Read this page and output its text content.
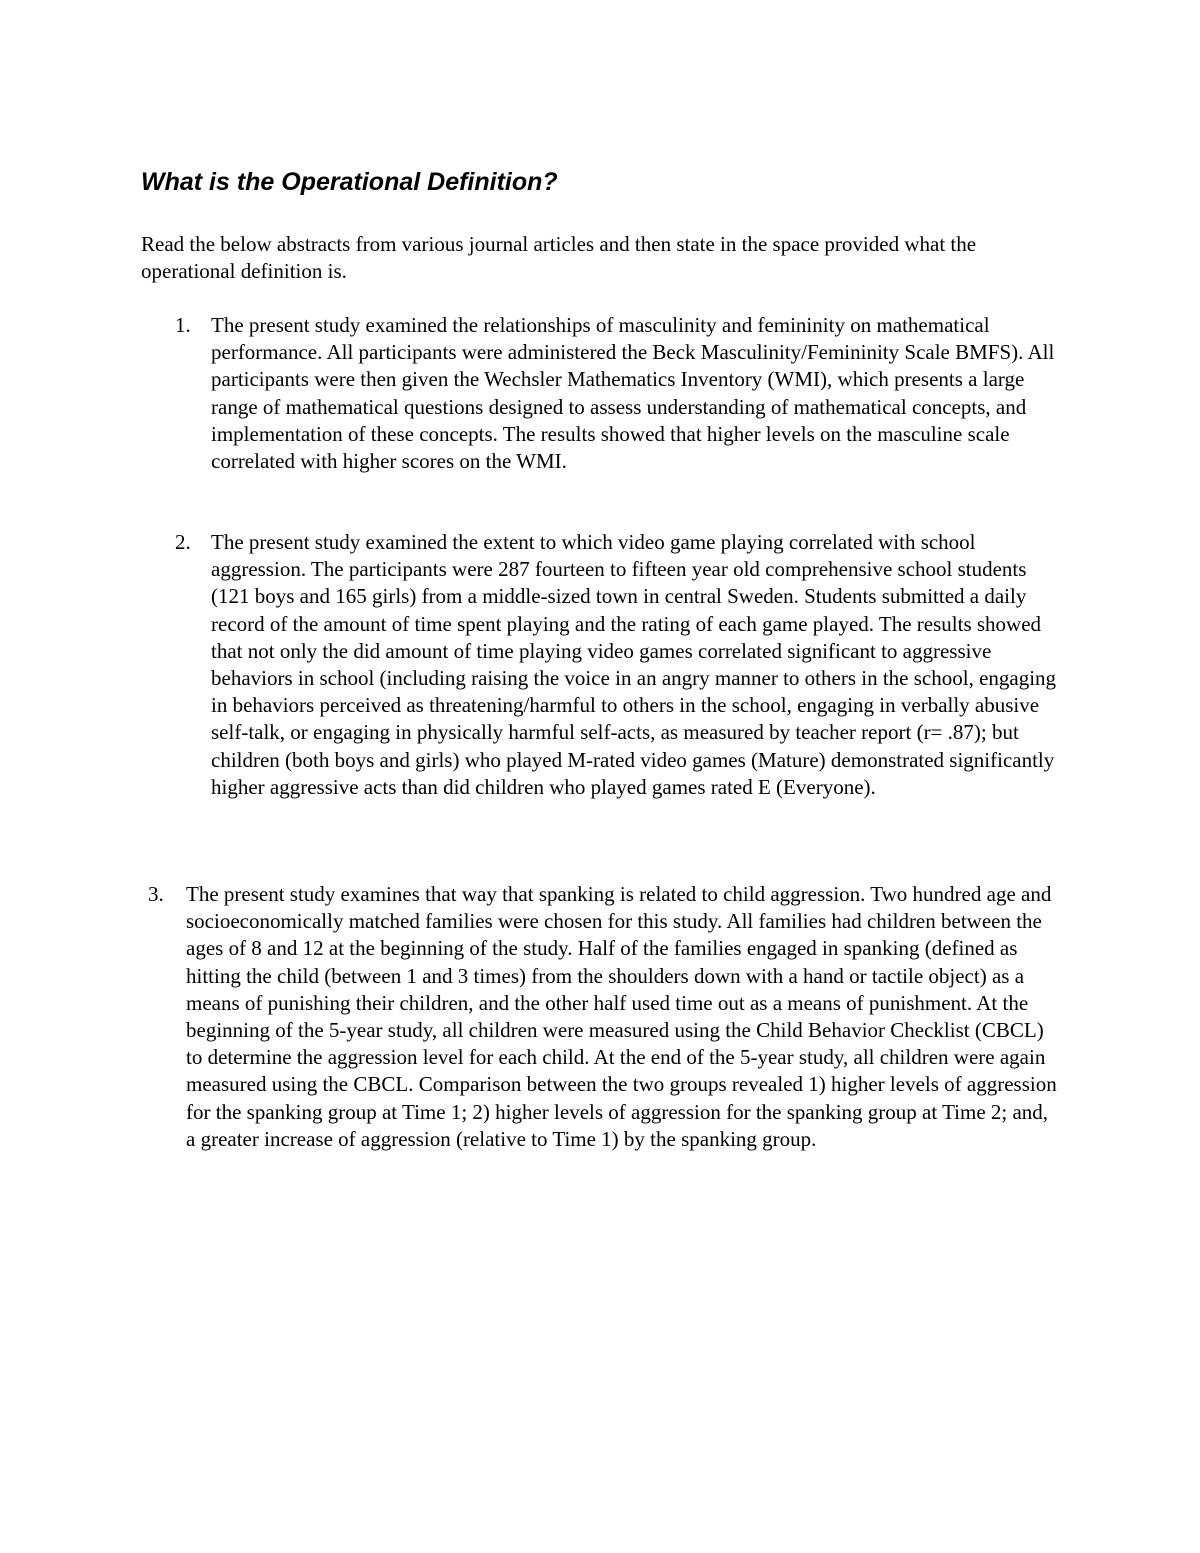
What is the Operational Definition?
Read the below abstracts from various journal articles and then state in the space provided what the operational definition is.
1. The present study examined the relationships of masculinity and femininity on mathematical performance. All participants were administered the Beck Masculinity/Femininity Scale BMFS). All participants were then given the Wechsler Mathematics Inventory (WMI), which presents a large range of mathematical questions designed to assess understanding of mathematical concepts, and implementation of these concepts. The results showed that higher levels on the masculine scale correlated with higher scores on the WMI.
2. The present study examined the extent to which video game playing correlated with school aggression. The participants were 287 fourteen to fifteen year old comprehensive school students (121 boys and 165 girls) from a middle-sized town in central Sweden. Students submitted a daily record of the amount of time spent playing and the rating of each game played. The results showed that not only the did amount of time playing video games correlated significant to aggressive behaviors in school (including raising the voice in an angry manner to others in the school, engaging in behaviors perceived as threatening/harmful to others in the school, engaging in verbally abusive self-talk, or engaging in physically harmful self-acts, as measured by teacher report (r= .87); but children (both boys and girls) who played M-rated video games (Mature) demonstrated significantly higher aggressive acts than did children who played games rated E (Everyone).
3. The present study examines that way that spanking is related to child aggression. Two hundred age and socioeconomically matched families were chosen for this study. All families had children between the ages of 8 and 12 at the beginning of the study. Half of the families engaged in spanking (defined as hitting the child (between 1 and 3 times) from the shoulders down with a hand or tactile object) as a means of punishing their children, and the other half used time out as a means of punishment. At the beginning of the 5-year study, all children were measured using the Child Behavior Checklist (CBCL) to determine the aggression level for each child. At the end of the 5-year study, all children were again measured using the CBCL. Comparison between the two groups revealed 1) higher levels of aggression for the spanking group at Time 1; 2) higher levels of aggression for the spanking group at Time 2; and, a greater increase of aggression (relative to Time 1) by the spanking group.
